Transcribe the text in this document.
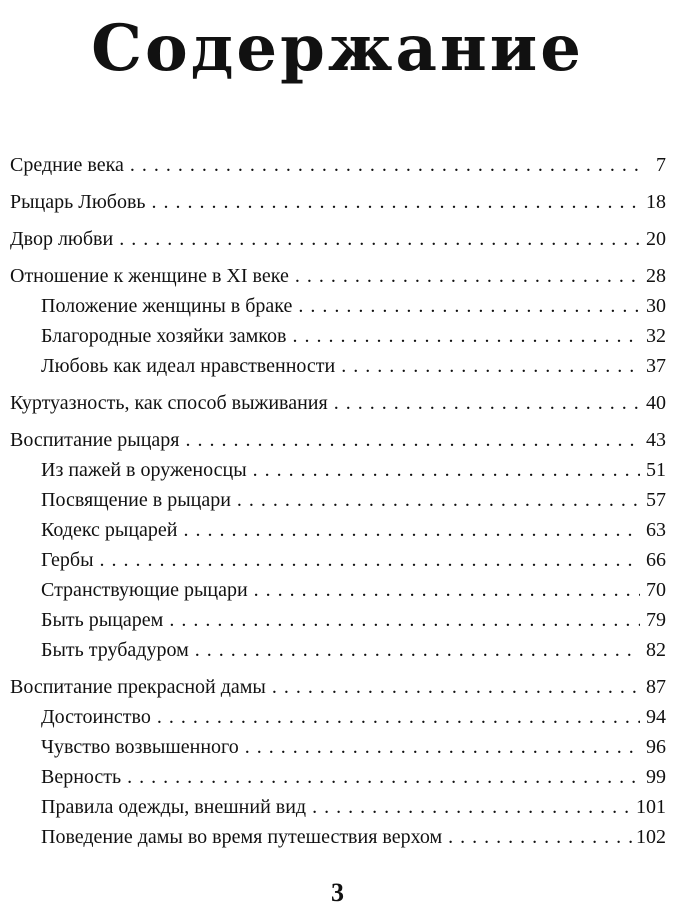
Содержание
Средние века . . .	7
Рыцарь Любовь . . .	18
Двор любви . . .	20
Отношение к женщине в XI веке . . .	28
Положение женщины в браке . . .	30
Благородные хозяйки замков . . .	32
Любовь как идеал нравственности . . .	37
Куртуазность, как способ выживания . . .	40
Воспитание рыцаря . . .	43
Из пажей в оруженосцы . . .	51
Посвящение в рыцари . . .	57
Кодекс рыцарей . . .	63
Гербы . . .	66
Странствующие рыцари . . .	70
Быть рыцарем . . .	79
Быть трубадуром . . .	82
Воспитание прекрасной дамы . . .	87
Достоинство . . .	94
Чувство возвышенного . . .	96
Верность . . .	99
Правила одежды, внешний вид . . .	101
Поведение дамы во время путешествия верхом . . .	102
3
